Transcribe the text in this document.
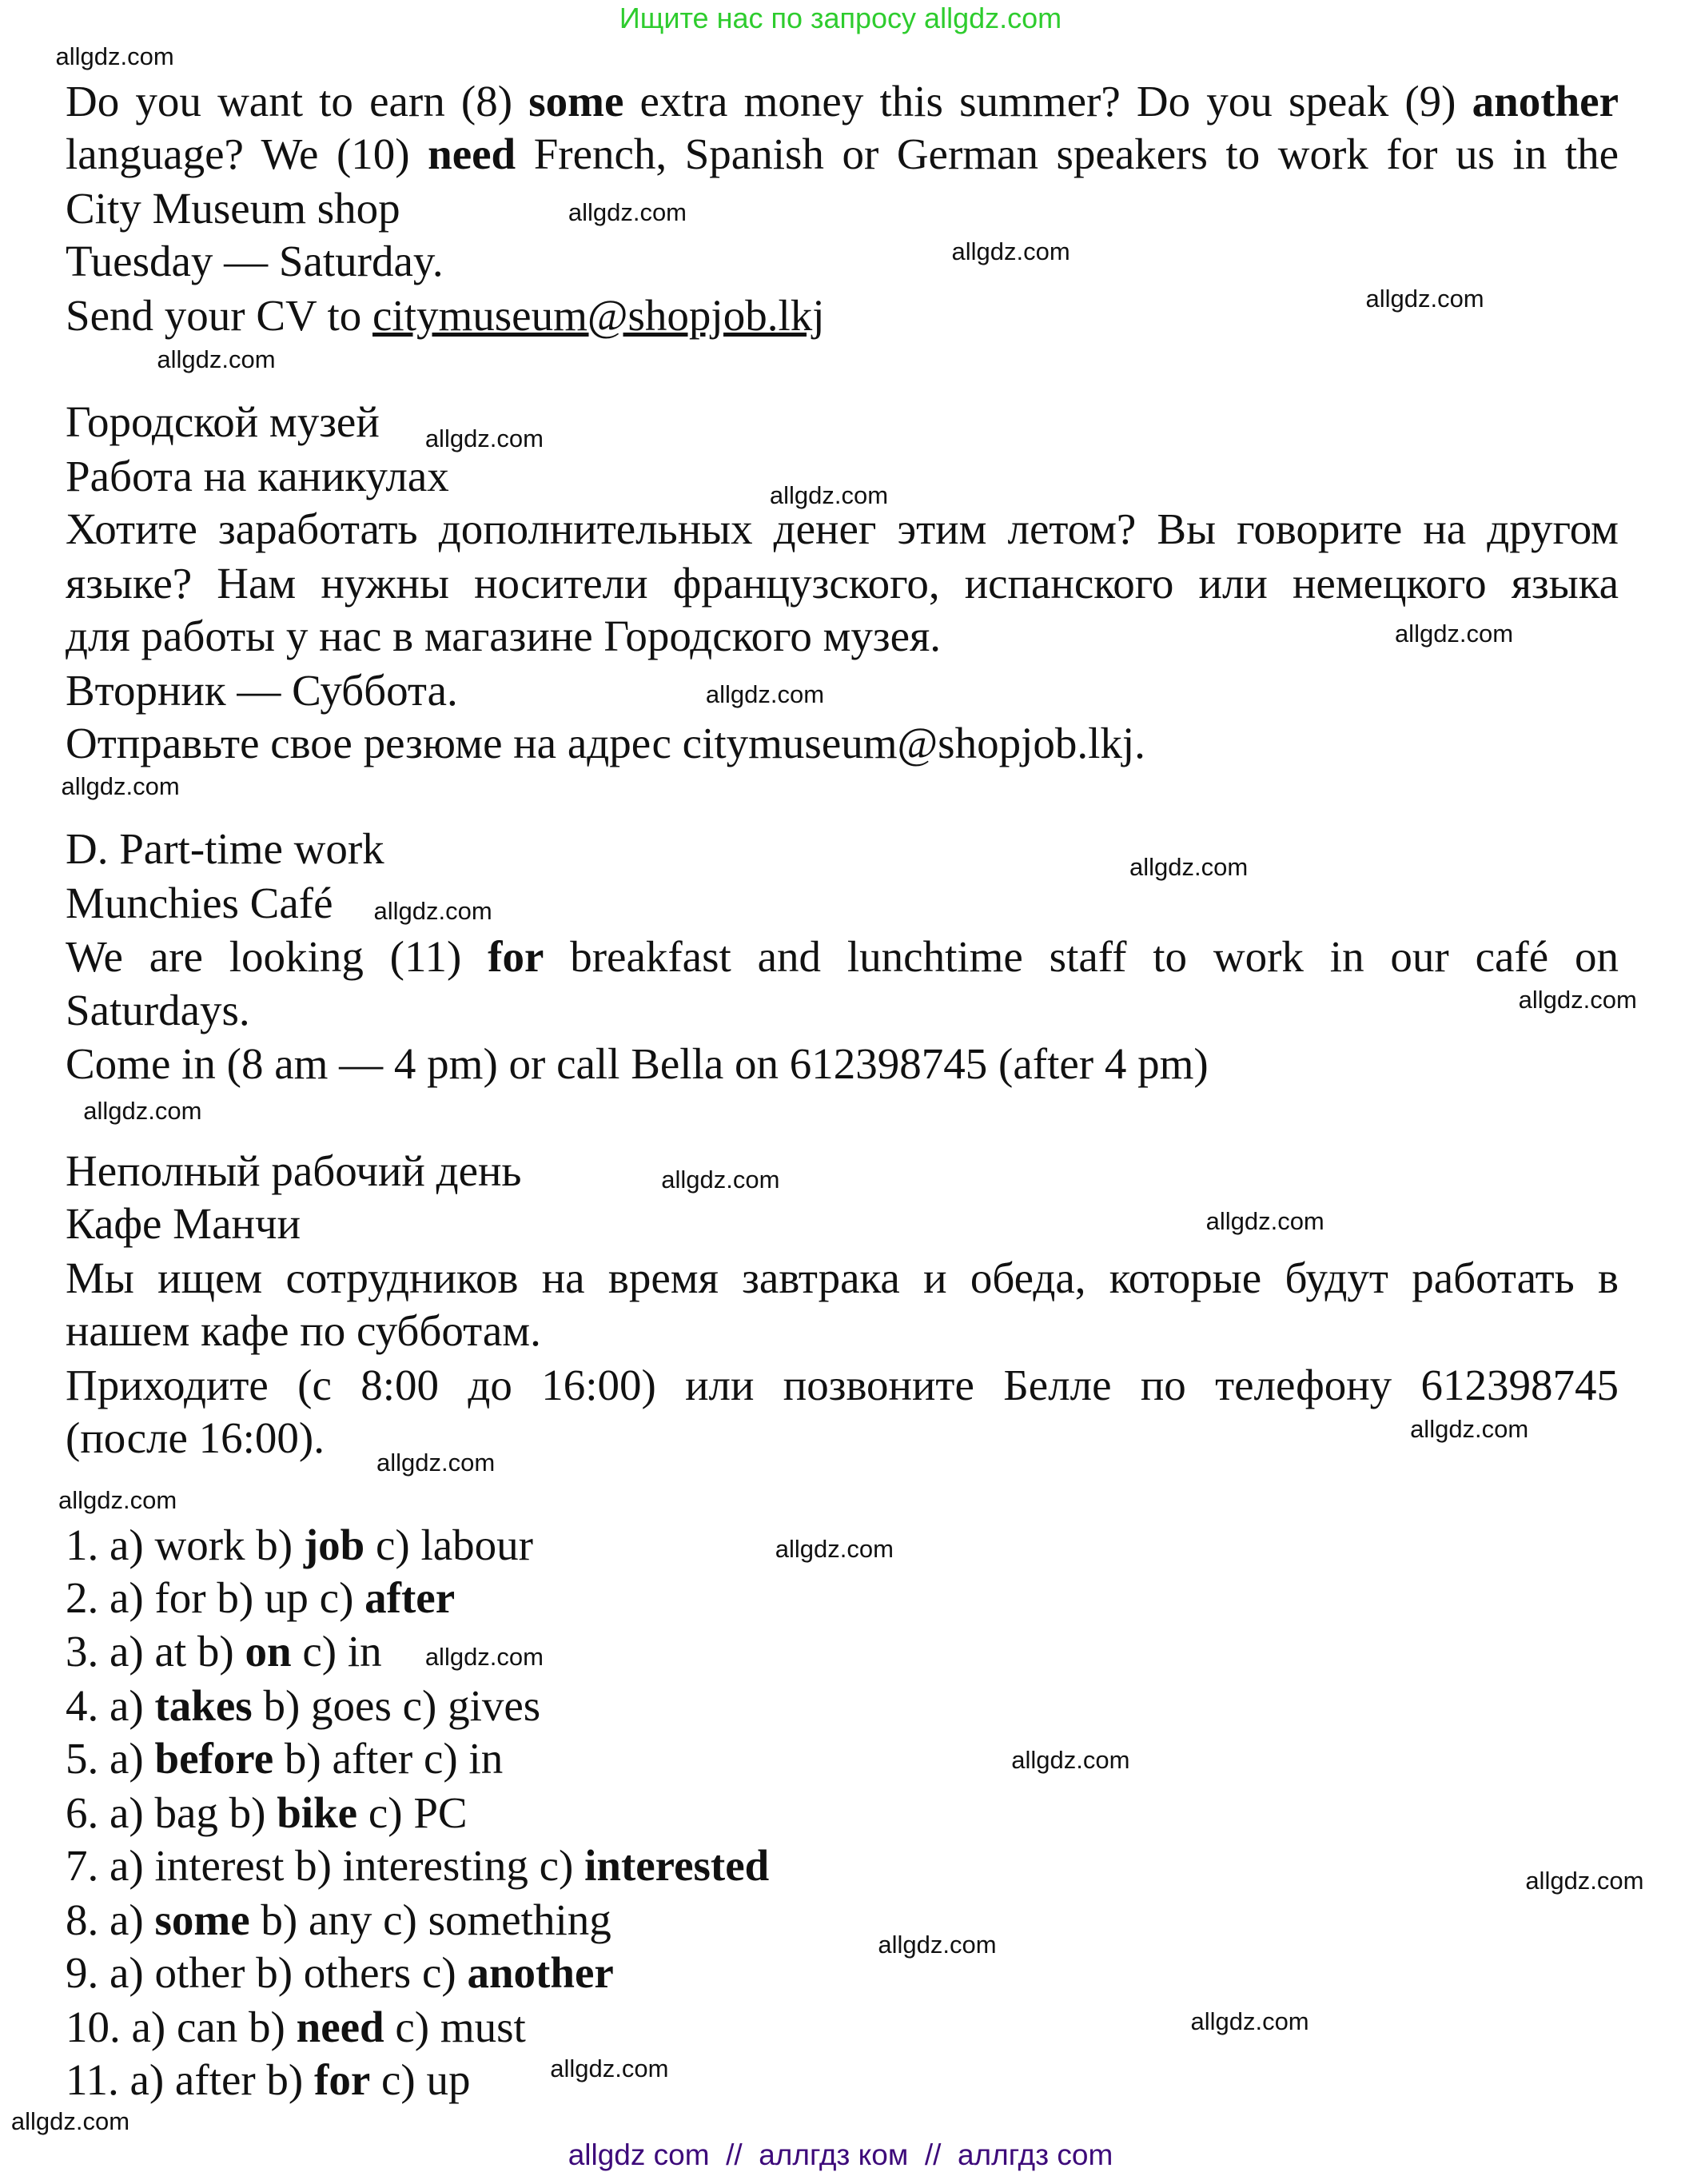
Ищите нас по запросу allgdz.com
Do you want to earn (8) some extra money this summer? Do you speak (9) another
language? We (10) need French, Spanish or German speakers to work for us in the
City Museum shop
Tuesday — Saturday.
Send your CV to citymuseum@shopjob.lkj
Городской музей
Работа на каникулах
Хотите заработать дополнительных денег этим летом? Вы говорите на другом
языке? Нам нужны носители французского, испанского или немецкого языка
для работы у нас в магазине Городского музея.
Вторник — Суббота.
Отправьте свое резюме на адрес citymuseum@shopjob.lkj.
D. Part-time work
Munchies Café
We are looking (11) for breakfast and lunchtime staff to work in our café on
Saturdays.
Come in (8 am — 4 pm) or call Bella on 612398745 (after 4 pm)
Неполный рабочий день
Кафе Манчи
Мы ищем сотрудников на время завтрака и обеда, которые будут работать в
нашем кафе по субботам.
Приходите (с 8:00 до 16:00) или позвоните Белле по телефону 612398745
(после 16:00).
1. a) work b) job c) labour
2. a) for b) up c) after
3. a) at b) on c) in
4. a) takes b) goes c) gives
5. a) before b) after c) in
6. a) bag b) bike c) PC
7. a) interest b) interesting c) interested
8. a) some b) any c) something
9. a) other b) others c) another
10. a) can b) need c) must
11. a) after b) for c) up
allgdz.com
allgdz.com
allgdz.com
allgdz.com
allgdz.com
allgdz.com
allgdz.com
allgdz.com
allgdz.com
allgdz.com
allgdz.com
allgdz.com
allgdz.com
allgdz.com
allgdz.com
allgdz.com
allgdz.com
allgdz.com
allgdz.com
allgdz.com
allgdz.com
allgdz.com
allgdz.com
allgdz.com
allgdz.com
allgdz.com
allgdz.com
allgdz com  //  аллгдз ком  //  аллгдз com
